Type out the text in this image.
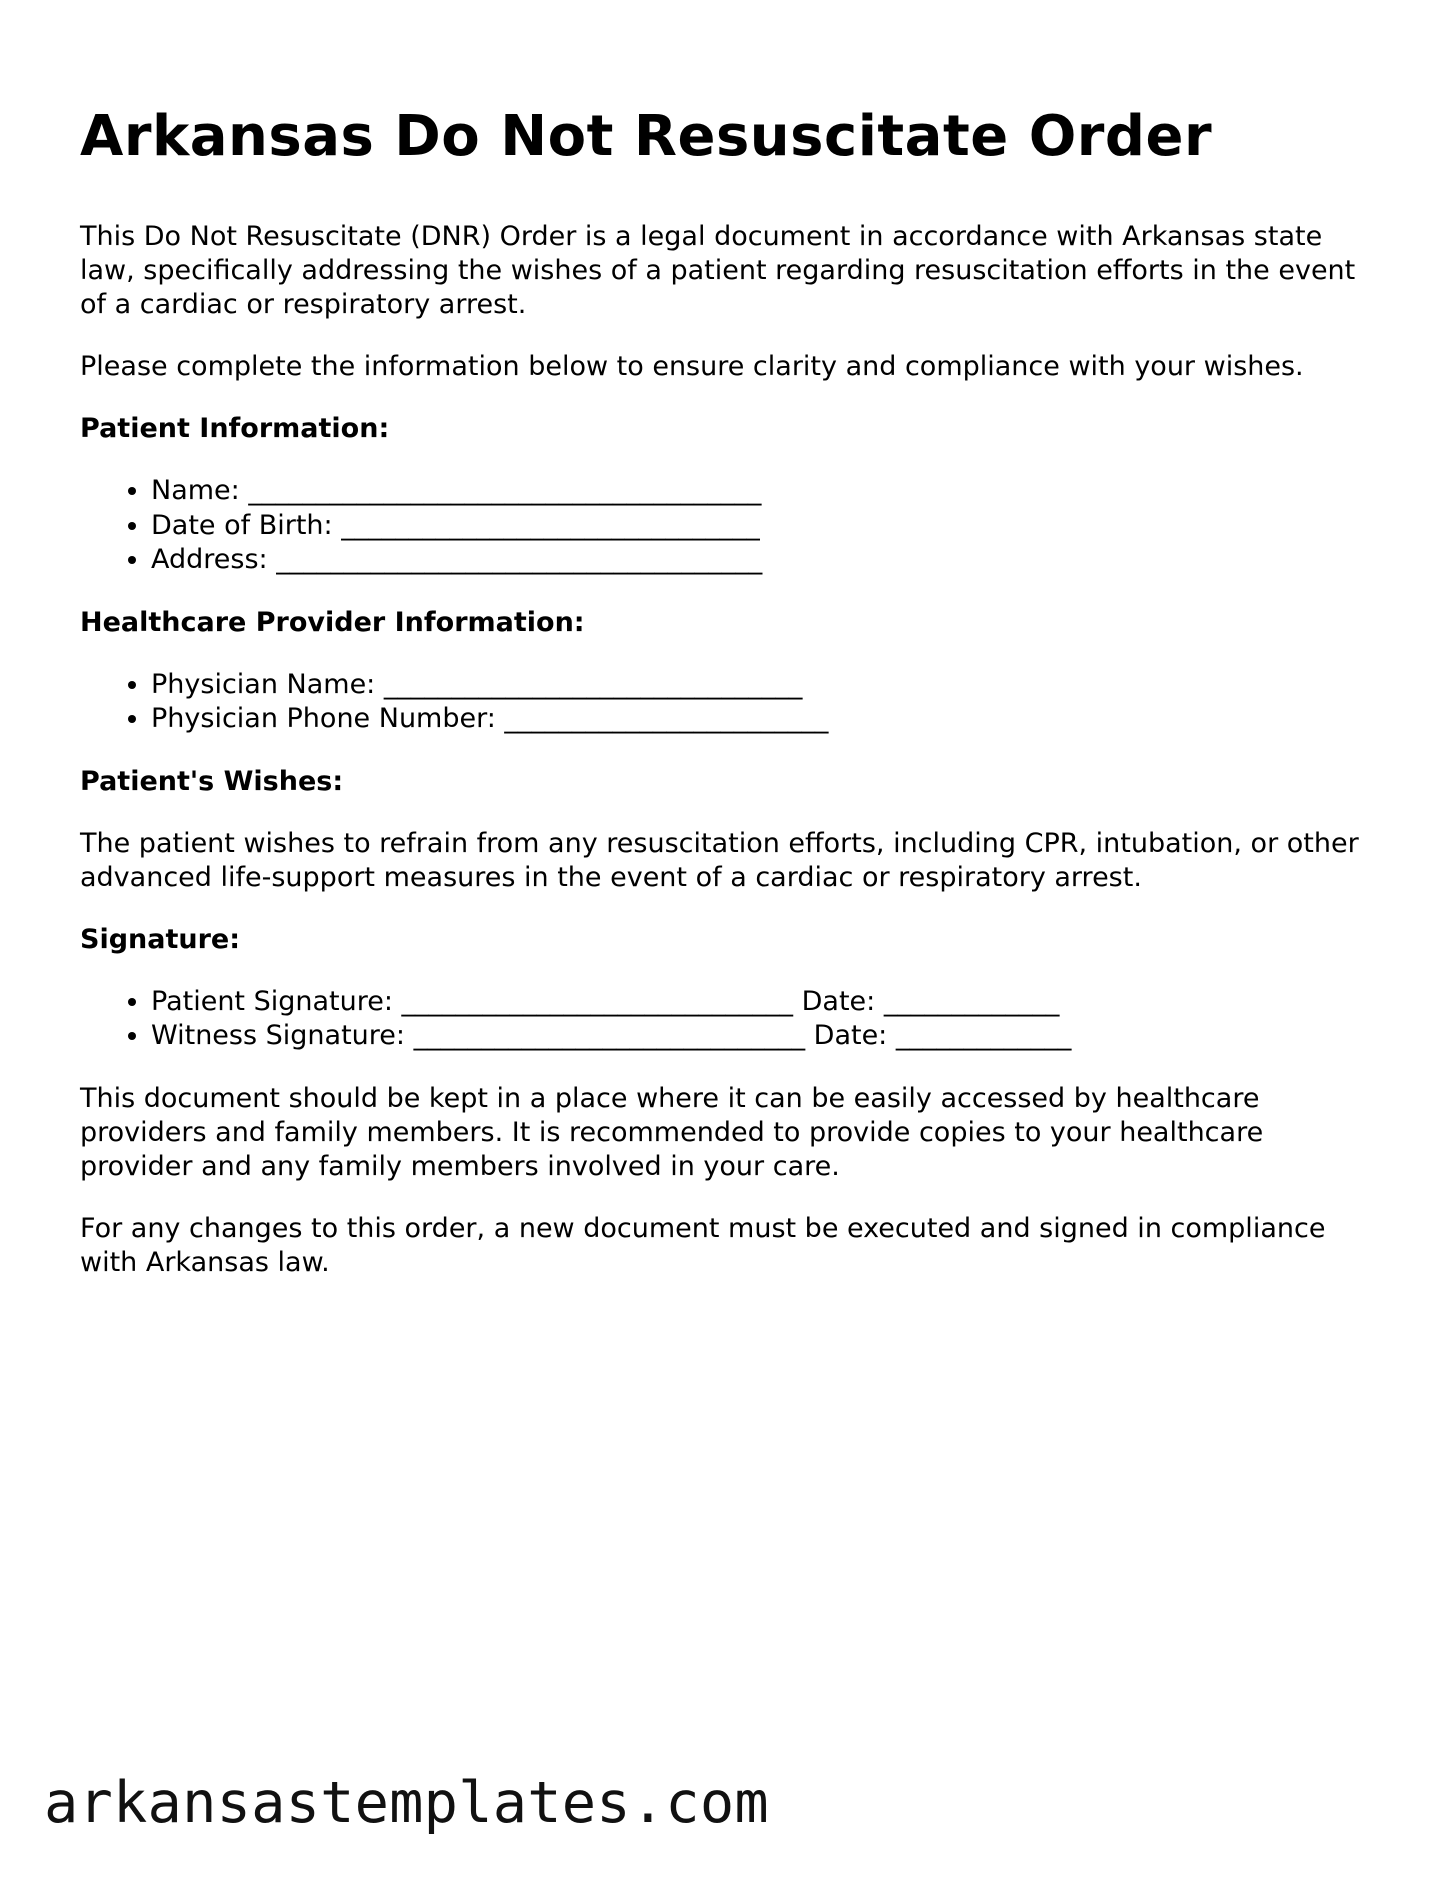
Arkansas Do Not Resuscitate Order

This Do Not Resuscitate (DNR) Order is a legal document in accordance with Arkansas state law, specifically addressing the wishes of a patient regarding resuscitation efforts in the event of a cardiac or respiratory arrest.

Please complete the information below to ensure clarity and compliance with your wishes.

Patient Information:

• Name: ______________________________________
• Date of Birth: _______________________________
• Address: ____________________________________

Healthcare Provider Information:

• Physician Name: _______________________________
• Physician Phone Number: ________________________

Patient's Wishes:

The patient wishes to refrain from any resuscitation efforts, including CPR, intubation, or other advanced life-support measures in the event of a cardiac or respiratory arrest.

Signature:

• Patient Signature: _____________________________ Date: _____________
• Witness Signature: _____________________________ Date: _____________

This document should be kept in a place where it can be easily accessed by healthcare providers and family members. It is recommended to provide copies to your healthcare provider and any family members involved in your care.

For any changes to this order, a new document must be executed and signed in compliance with Arkansas law.

arkansastemplates.com
